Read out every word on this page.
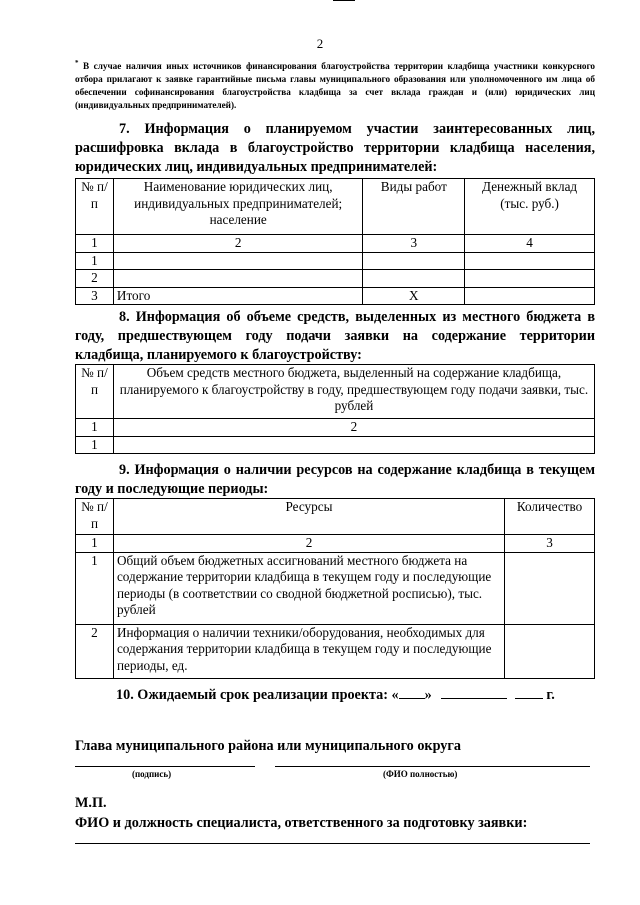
2
* В случае наличия иных источников финансирования благоустройства территории кладбища участники конкурсного отбора прилагают к заявке гарантийные письма главы муниципального образования или уполномоченного им лица об обеспечении софинансирования благоустройства кладбища за счет вклада граждан и (или) юридических лиц (индивидуальных предпринимателей).
7. Информация о планируемом участии заинтересованных лиц, расшифровка вклада в благоустройство территории кладбища населения, юридических лиц, индивидуальных предпринимателей:
№ п/п	Наименование юридических лиц, индивидуальных предпринимателей; население	Виды работ	Денежный вклад (тыс. руб.)
1	2	3	4
1			
2			
3	Итого	X	
8. Информация об объеме средств, выделенных из местного бюджета в году, предшествующем году подачи заявки на содержание территории кладбища, планируемого к благоустройству:
№ п/п	Объем средств местного бюджета, выделенный на содержание кладбища, планируемого к благоустройству в году, предшествующем году подачи заявки, тыс. рублей
1	2
1	
9. Информация о наличии ресурсов на содержание кладбища в текущем году и последующие периоды:
№ п/п	Ресурсы	Количество
1	2	3
1	Общий объем бюджетных ассигнований местного бюджета на содержание территории кладбища в текущем году и последующие периоды (в соответствии со сводной бюджетной росписью), тыс. рублей	
2	Информация о наличии техники/оборудования, необходимых для содержания территории кладбища в текущем году и последующие периоды, ед.	
10. Ожидаемый срок реализации проекта: « »	г.
Глава муниципального района или муниципального округа
(подпись)	(ФИО полностью)
М.П.
ФИО и должность специалиста, ответственного за подготовку заявки:
